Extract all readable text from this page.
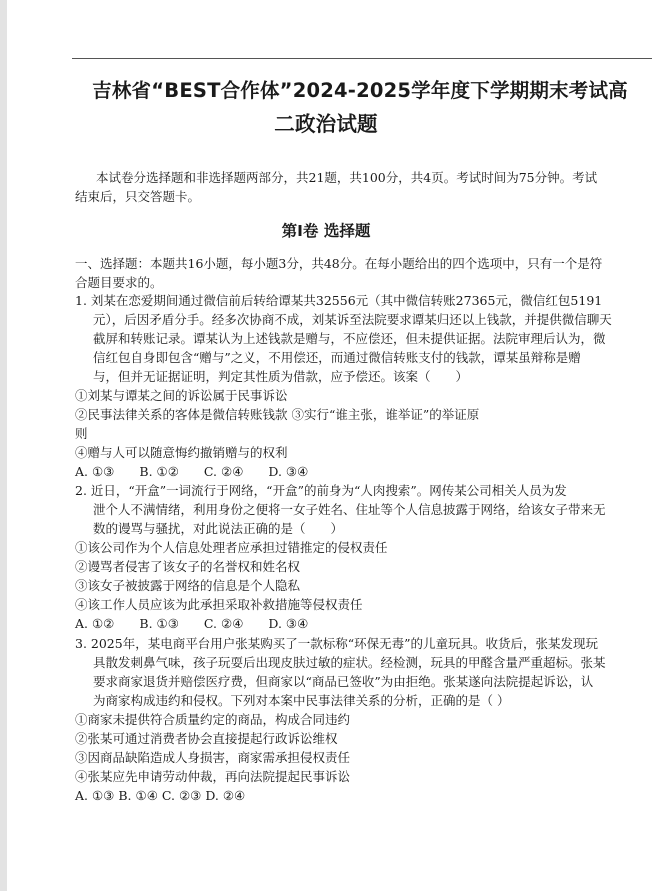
吉林省“BEST合作体”2024-2025学年度下学期期末考试高
二政治试题
本试卷分选择题和非选择题两部分，共21题，共100分，共4页。考试时间为75分钟。考试
结束后，只交答题卡。
第Ⅰ卷 选择题
一、选择题：本题共16小题，每小题3分，共48分。在每小题给出的四个选项中，只有一个是符
合题目要求的。
1. 刘某在恋爱期间通过微信前后转给谭某共32556元（其中微信转账27365元，微信红包5191
元），后因矛盾分手。经多次协商不成，刘某诉至法院要求谭某归还以上钱款，并提供微信聊天
截屏和转账记录。谭某认为上述钱款是赠与，不应偿还，但未提供证据。法院审理后认为，微
信红包自身即包含“赠与”之义，不用偿还，而通过微信转账支付的钱款，谭某虽辩称是赠
与，但并无证据证明，判定其性质为借款，应予偿还。该案（　　）
①刘某与谭某之间的诉讼属于民事诉讼
②民事法律关系的客体是微信转账钱款 ③实行“谁主张，谁举证”的举证原
则
④赠与人可以随意悔约撤销赠与的权利
A. ①③　　B. ①②　　C. ②④　　D. ③④
2. 近日，“开盒”一词流行于网络，“开盒”的前身为“人肉搜索”。网传某公司相关人员为发
泄个人不满情绪，利用身份之便将一女子姓名、住址等个人信息披露于网络，给该女子带来无
数的谩骂与骚扰，对此说法正确的是（　　）
①该公司作为个人信息处理者应承担过错推定的侵权责任
②谩骂者侵害了该女子的名誉权和姓名权
③该女子被披露于网络的信息是个人隐私
④该工作人员应该为此承担采取补救措施等侵权责任
A. ①②　　B. ①③　　C. ②④　　D. ③④
3. 2025年，某电商平台用户张某购买了一款标称“环保无毒”的儿童玩具。收货后，张某发现玩
具散发刺鼻气味，孩子玩耍后出现皮肤过敏的症状。经检测，玩具的甲醛含量严重超标。张某
要求商家退货并赔偿医疗费，但商家以“商品已签收”为由拒绝。张某遂向法院提起诉讼，认
为商家构成违约和侵权。下列对本案中民事法律关系的分析，正确的是（ ）
①商家未提供符合质量约定的商品，构成合同违约
②张某可通过消费者协会直接提起行政诉讼维权
③因商品缺陷造成人身损害，商家需承担侵权责任
④张某应先申请劳动仲裁，再向法院提起民事诉讼
A. ①③ B. ①④ C. ②③ D. ②④
